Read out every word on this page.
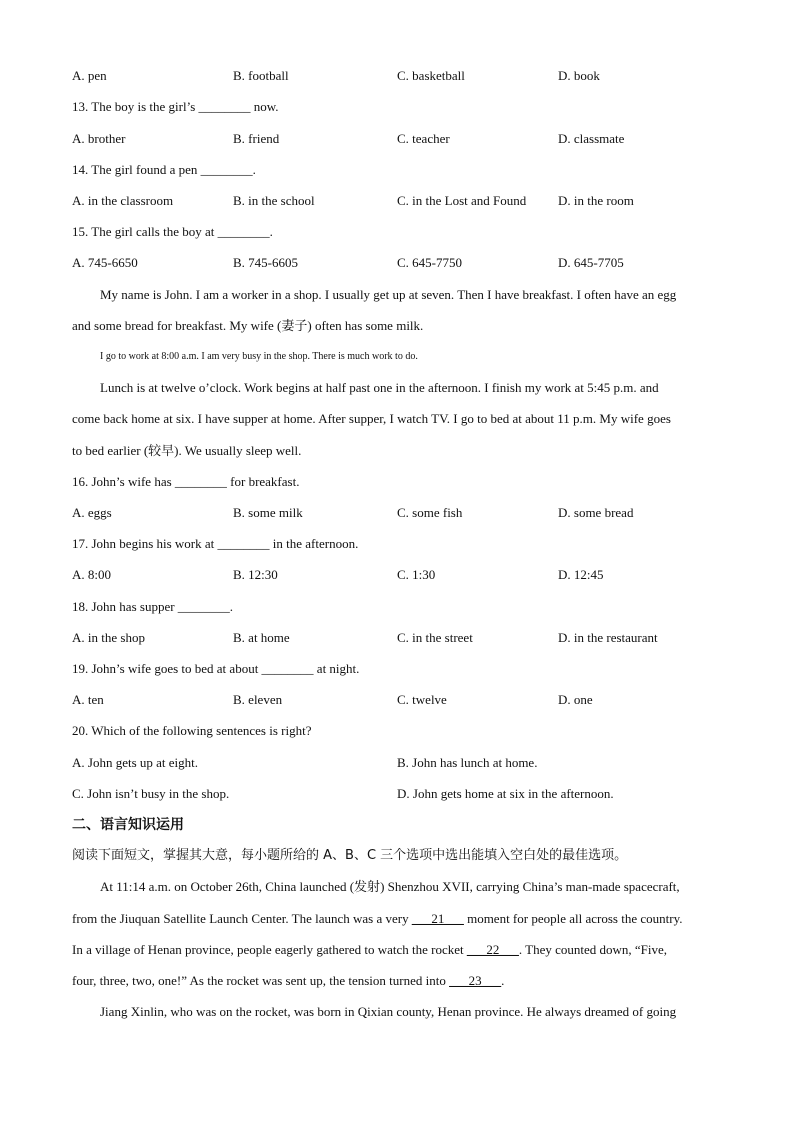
A. pen	B. football	C. basketball	D. book
13. The boy is the girl’s ________ now.
A. brother	B. friend	C. teacher	D. classmate
14. The girl found a pen ________.
A. in the classroom	B. in the school	C. in the Lost and Found D. in the room
15. The girl calls the boy at ________.
A. 745-6650	B. 745-6605	C. 645-7750	D. 645-7705
My name is John. I am a worker in a shop. I usually get up at seven. Then I have breakfast. I often have an egg
and some bread for breakfast. My wife (妻子) often has some milk.
I go to work at 8:00 a.m. I am very busy in the shop. There is much work to do.
Lunch is at twelve o’clock. Work begins at half past one in the afternoon. I finish my work at 5:45 p.m. and
come back home at six. I have supper at home. After supper, I watch TV. I go to bed at about 11 p.m. My wife goes
to bed earlier (较早). We usually sleep well.
16. John’s wife has ________ for breakfast.
A. eggs	B. some milk	C. some fish	D. some bread
17. John begins his work at ________ in the afternoon.
A. 8:00	B. 12:30	C. 1:30	D. 12:45
18. John has supper ________.
A. in the shop	B. at home	C. in the street	D. in the restaurant
19. John’s wife goes to bed at about ________ at night.
A. ten	B. eleven	C. twelve	D. one
20. Which of the following sentences is right?
A. John gets up at eight.	B. John has lunch at home.
C. John isn’t busy in the shop.	D. John gets home at six in the afternoon.
二、语言知识运用
阅读下面短文，掌握其大意，每小题所给的 A、B、C 三个选项中选出能填入空白处的最佳选项。
At 11:14 a.m. on October 26th, China launched (发射) Shenzhou XVII, carrying China’s man-made spacecraft,
from the Jiuquan Satellite Launch Center. The launch was a very ___21___ moment for people all across the country.
In a village of Henan province, people eagerly gathered to watch the rocket ___22___. They counted down, “Five,
four, three, two, one!” As the rocket was sent up, the tension turned into ___23___.
Jiang Xinlin, who was on the rocket, was born in Qixian county, Henan province. He always dreamed of going
